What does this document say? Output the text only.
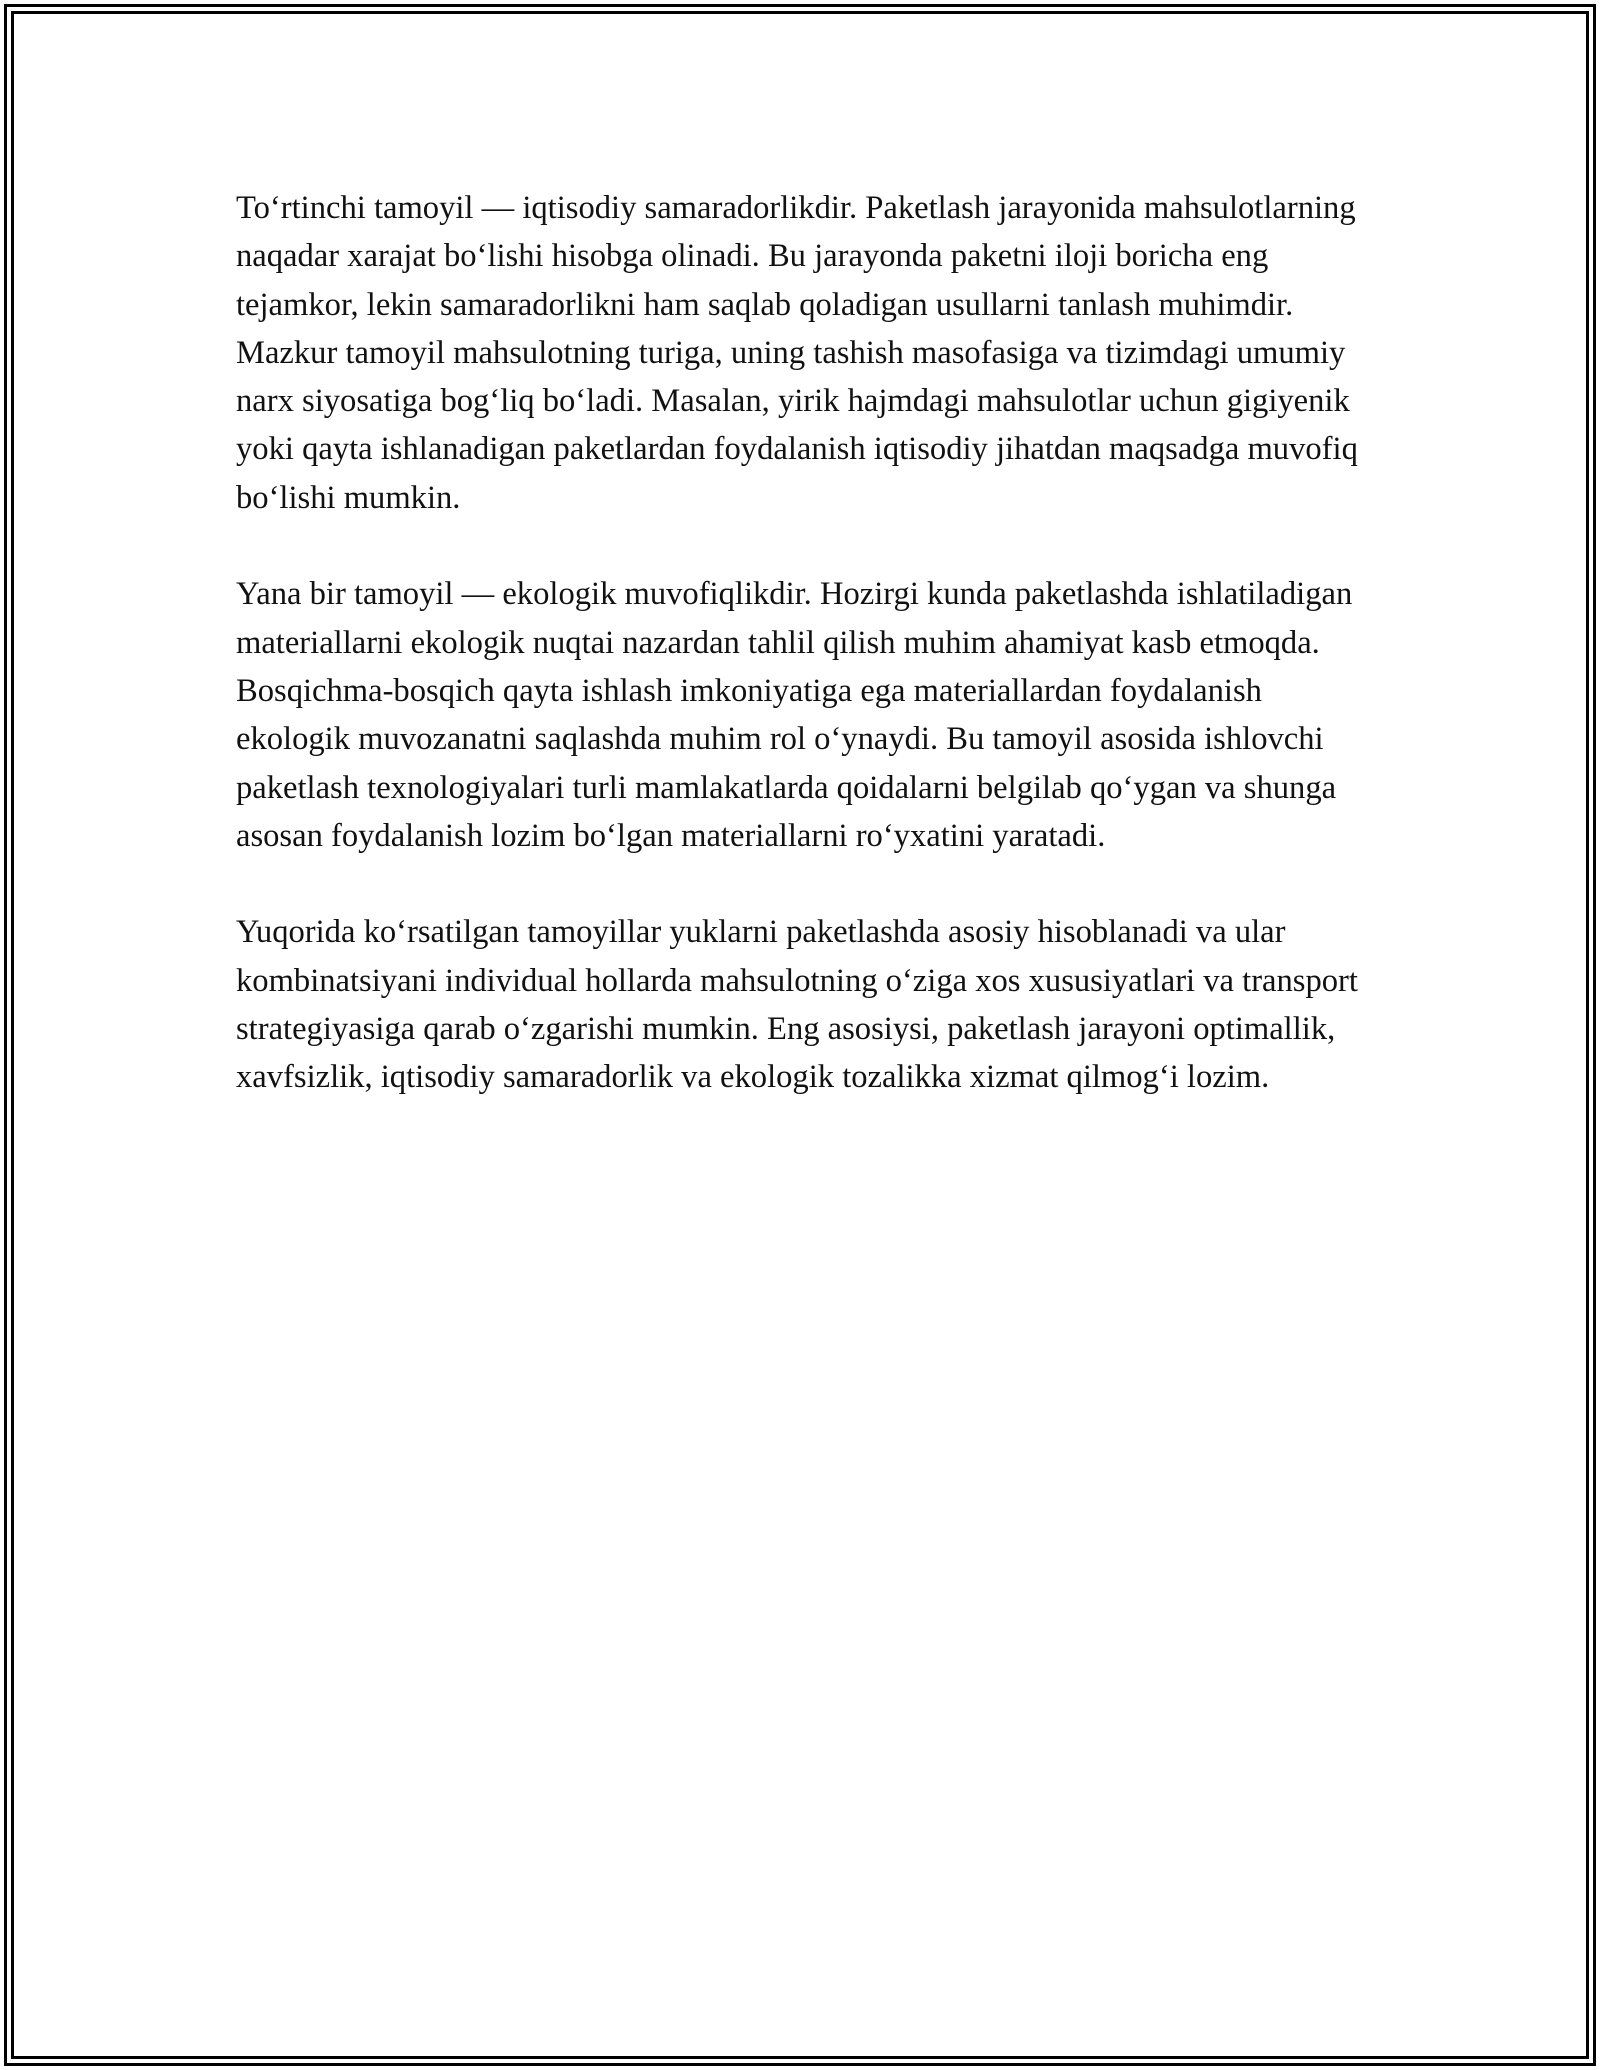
To‘rtinchi tamoyil — iqtisodiy samaradorlikdir. Paketlash jarayonida mahsulotlarning naqadar xarajat bo‘lishi hisobga olinadi. Bu jarayonda paketni iloji boricha eng tejamkor, lekin samaradorlikni ham saqlab qoladigan usullarni tanlash muhimdir. Mazkur tamoyil mahsulotning turiga, uning tashish masofasiga va tizimdagi umumiy narx siyosatiga bog‘liq bo‘ladi. Masalan, yirik hajmdagi mahsulotlar uchun gigiyenik yoki qayta ishlanadigan paketlardan foydalanish iqtisodiy jihatdan maqsadga muvofiq bo‘lishi mumkin.

Yana bir tamoyil — ekologik muvofiqlikdir. Hozirgi kunda paketlashda ishlatiladigan materiallarni ekologik nuqtai nazardan tahlil qilish muhim ahamiyat kasb etmoqda. Bosqichma-bosqich qayta ishlash imkoniyatiga ega materiallardan foydalanish ekologik muvozanatni saqlashda muhim rol o‘ynaydi. Bu tamoyil asosida ishlovchi paketlash texnologiyalari turli mamlakatlarda qoidalarni belgilab qo‘ygan va shunga asosan foydalanish lozim bo‘lgan materiallarni ro‘yxatini yaratadi.

Yuqorida ko‘rsatilgan tamoyillar yuklarni paketlashda asosiy hisoblanadi va ular kombinatsiyani individual hollarda mahsulotning o‘ziga xos xususiyatlari va transport strategiyasiga qarab o‘zgarishi mumkin. Eng asosiysi, paketlash jarayoni optimallik, xavfsizlik, iqtisodiy samaradorlik va ekologik tozalikka xizmat qilmog‘i lozim.
